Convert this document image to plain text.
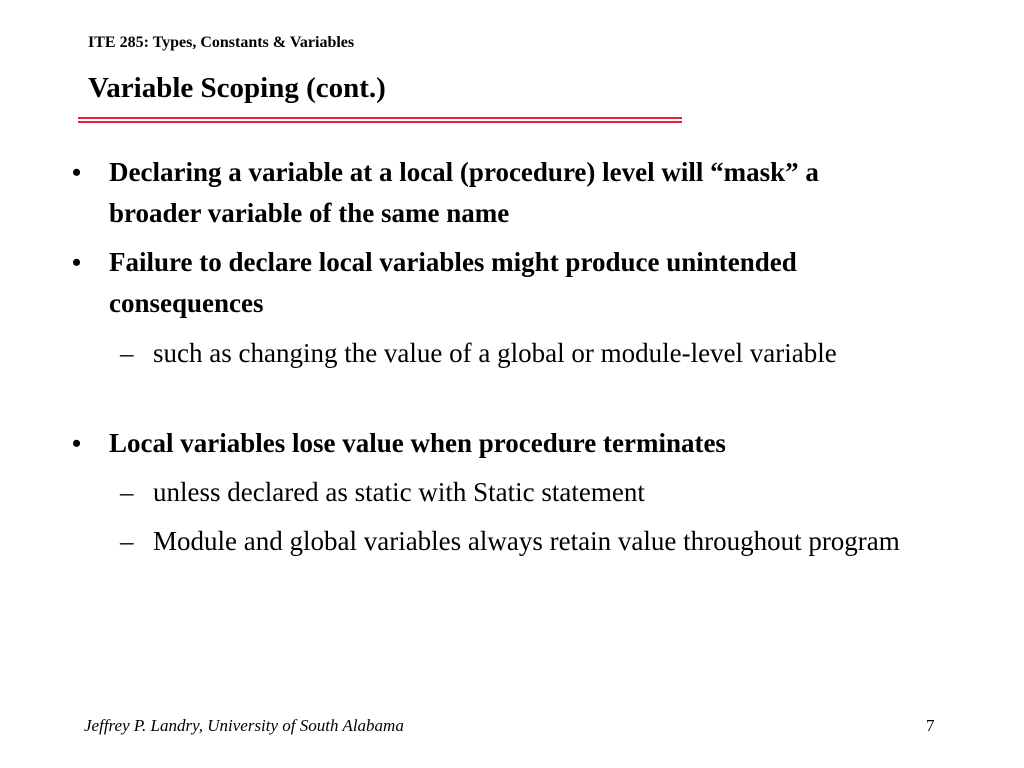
ITE 285: Types, Constants & Variables
Variable Scoping (cont.)
• Declaring a variable at a local (procedure) level will “mask” a broader variable of the same name
• Failure to declare local variables might produce unintended consequences
– such as changing the value of a global or module-level variable
• Local variables lose value when procedure terminates
– unless declared as static with Static statement
– Module and global variables always retain value throughout program
Jeffrey P. Landry, University of South Alabama	7
